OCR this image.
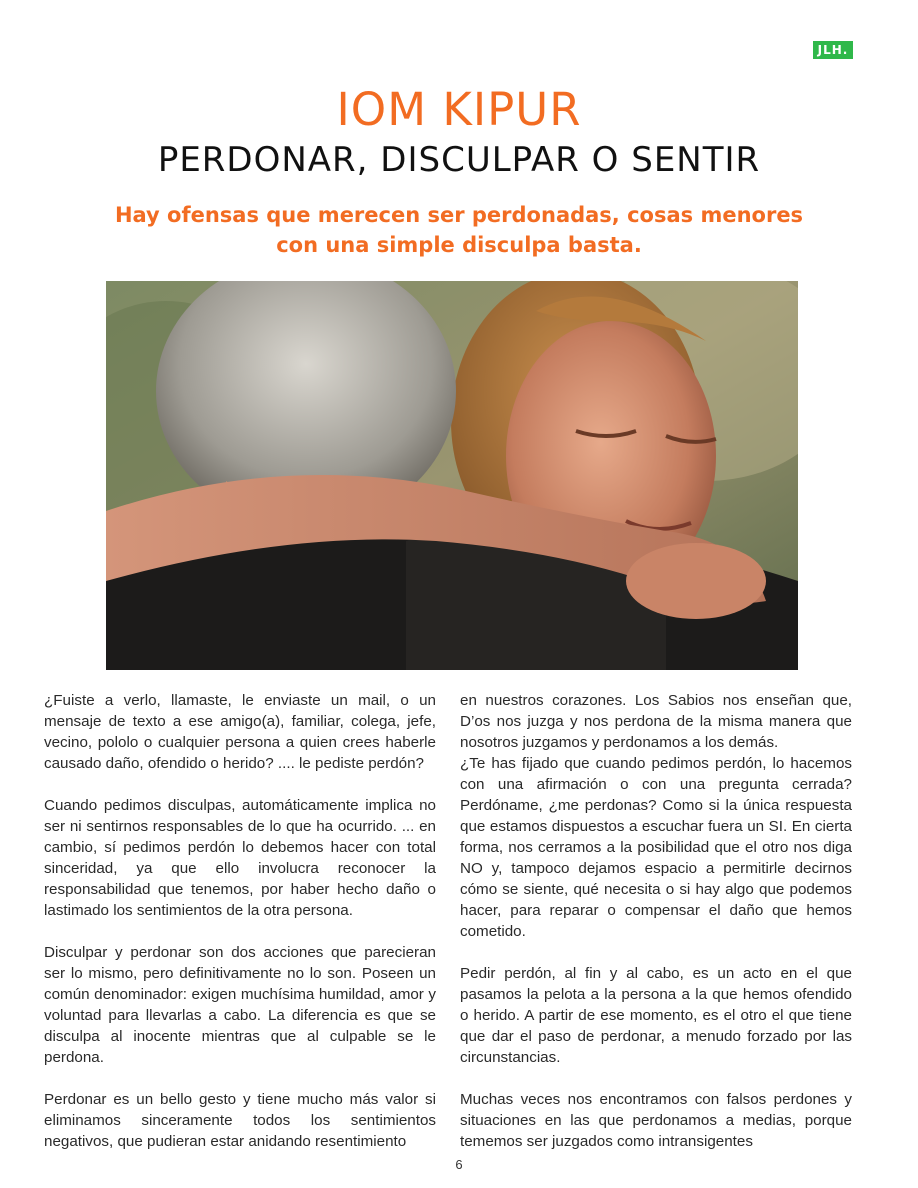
JLH.
IOM KIPUR
PERDONAR, DISCULPAR O SENTIR
Hay ofensas que merecen ser perdonadas, cosas menores con una simple disculpa basta.

¿Fuiste a verlo, llamaste, le enviaste un mail, o un mensaje de texto a ese amigo(a), familiar, colega, jefe, vecino, pololo o cualquier persona a quien crees haberle causado daño, ofendido o herido? .... le pediste perdón?

Cuando pedimos disculpas, automáticamente implica no ser ni sentirnos responsables de lo que ha ocurrido. ... en cambio, sí pedimos perdón lo debemos hacer con total sinceridad, ya que ello involucra reconocer la responsabilidad que tenemos, por haber hecho daño o lastimado los sentimientos de la otra persona.

Disculpar y perdonar son dos acciones que parecieran ser lo mismo, pero definitivamente no lo son. Poseen un común denominador: exigen muchísima humildad, amor y voluntad para llevarlas a cabo. La diferencia es que se disculpa al inocente mientras que al culpable se le perdona.

Perdonar es un bello gesto y tiene mucho más valor si eliminamos sinceramente todos los sentimientos negativos, que pudieran estar anidando resentimiento

en nuestros corazones. Los Sabios nos enseñan que, D’os nos juzga y nos perdona de la misma manera que nosotros juzgamos y perdonamos a los demás.

¿Te has fijado que cuando pedimos perdón, lo hacemos con una afirmación o con una pregunta cerrada? Perdóname, ¿me perdonas? Como si la única respuesta que estamos dispuestos a escuchar fuera un SI. En cierta forma, nos cerramos a la posibilidad que el otro nos diga NO y, tampoco dejamos espacio a permitirle decirnos cómo se siente, qué necesita o si hay algo que podemos hacer, para reparar o compensar el daño que hemos cometido.

Pedir perdón, al fin y al cabo, es un acto en el que pasamos la pelota a la persona a la que hemos ofendido o herido. A partir de ese momento, es el otro el que tiene que dar el paso de perdonar, a menudo forzado por las circunstancias.

Muchas veces nos encontramos con falsos perdones y situaciones en las que perdonamos a medias, porque tememos ser juzgados como intransigentes

6
